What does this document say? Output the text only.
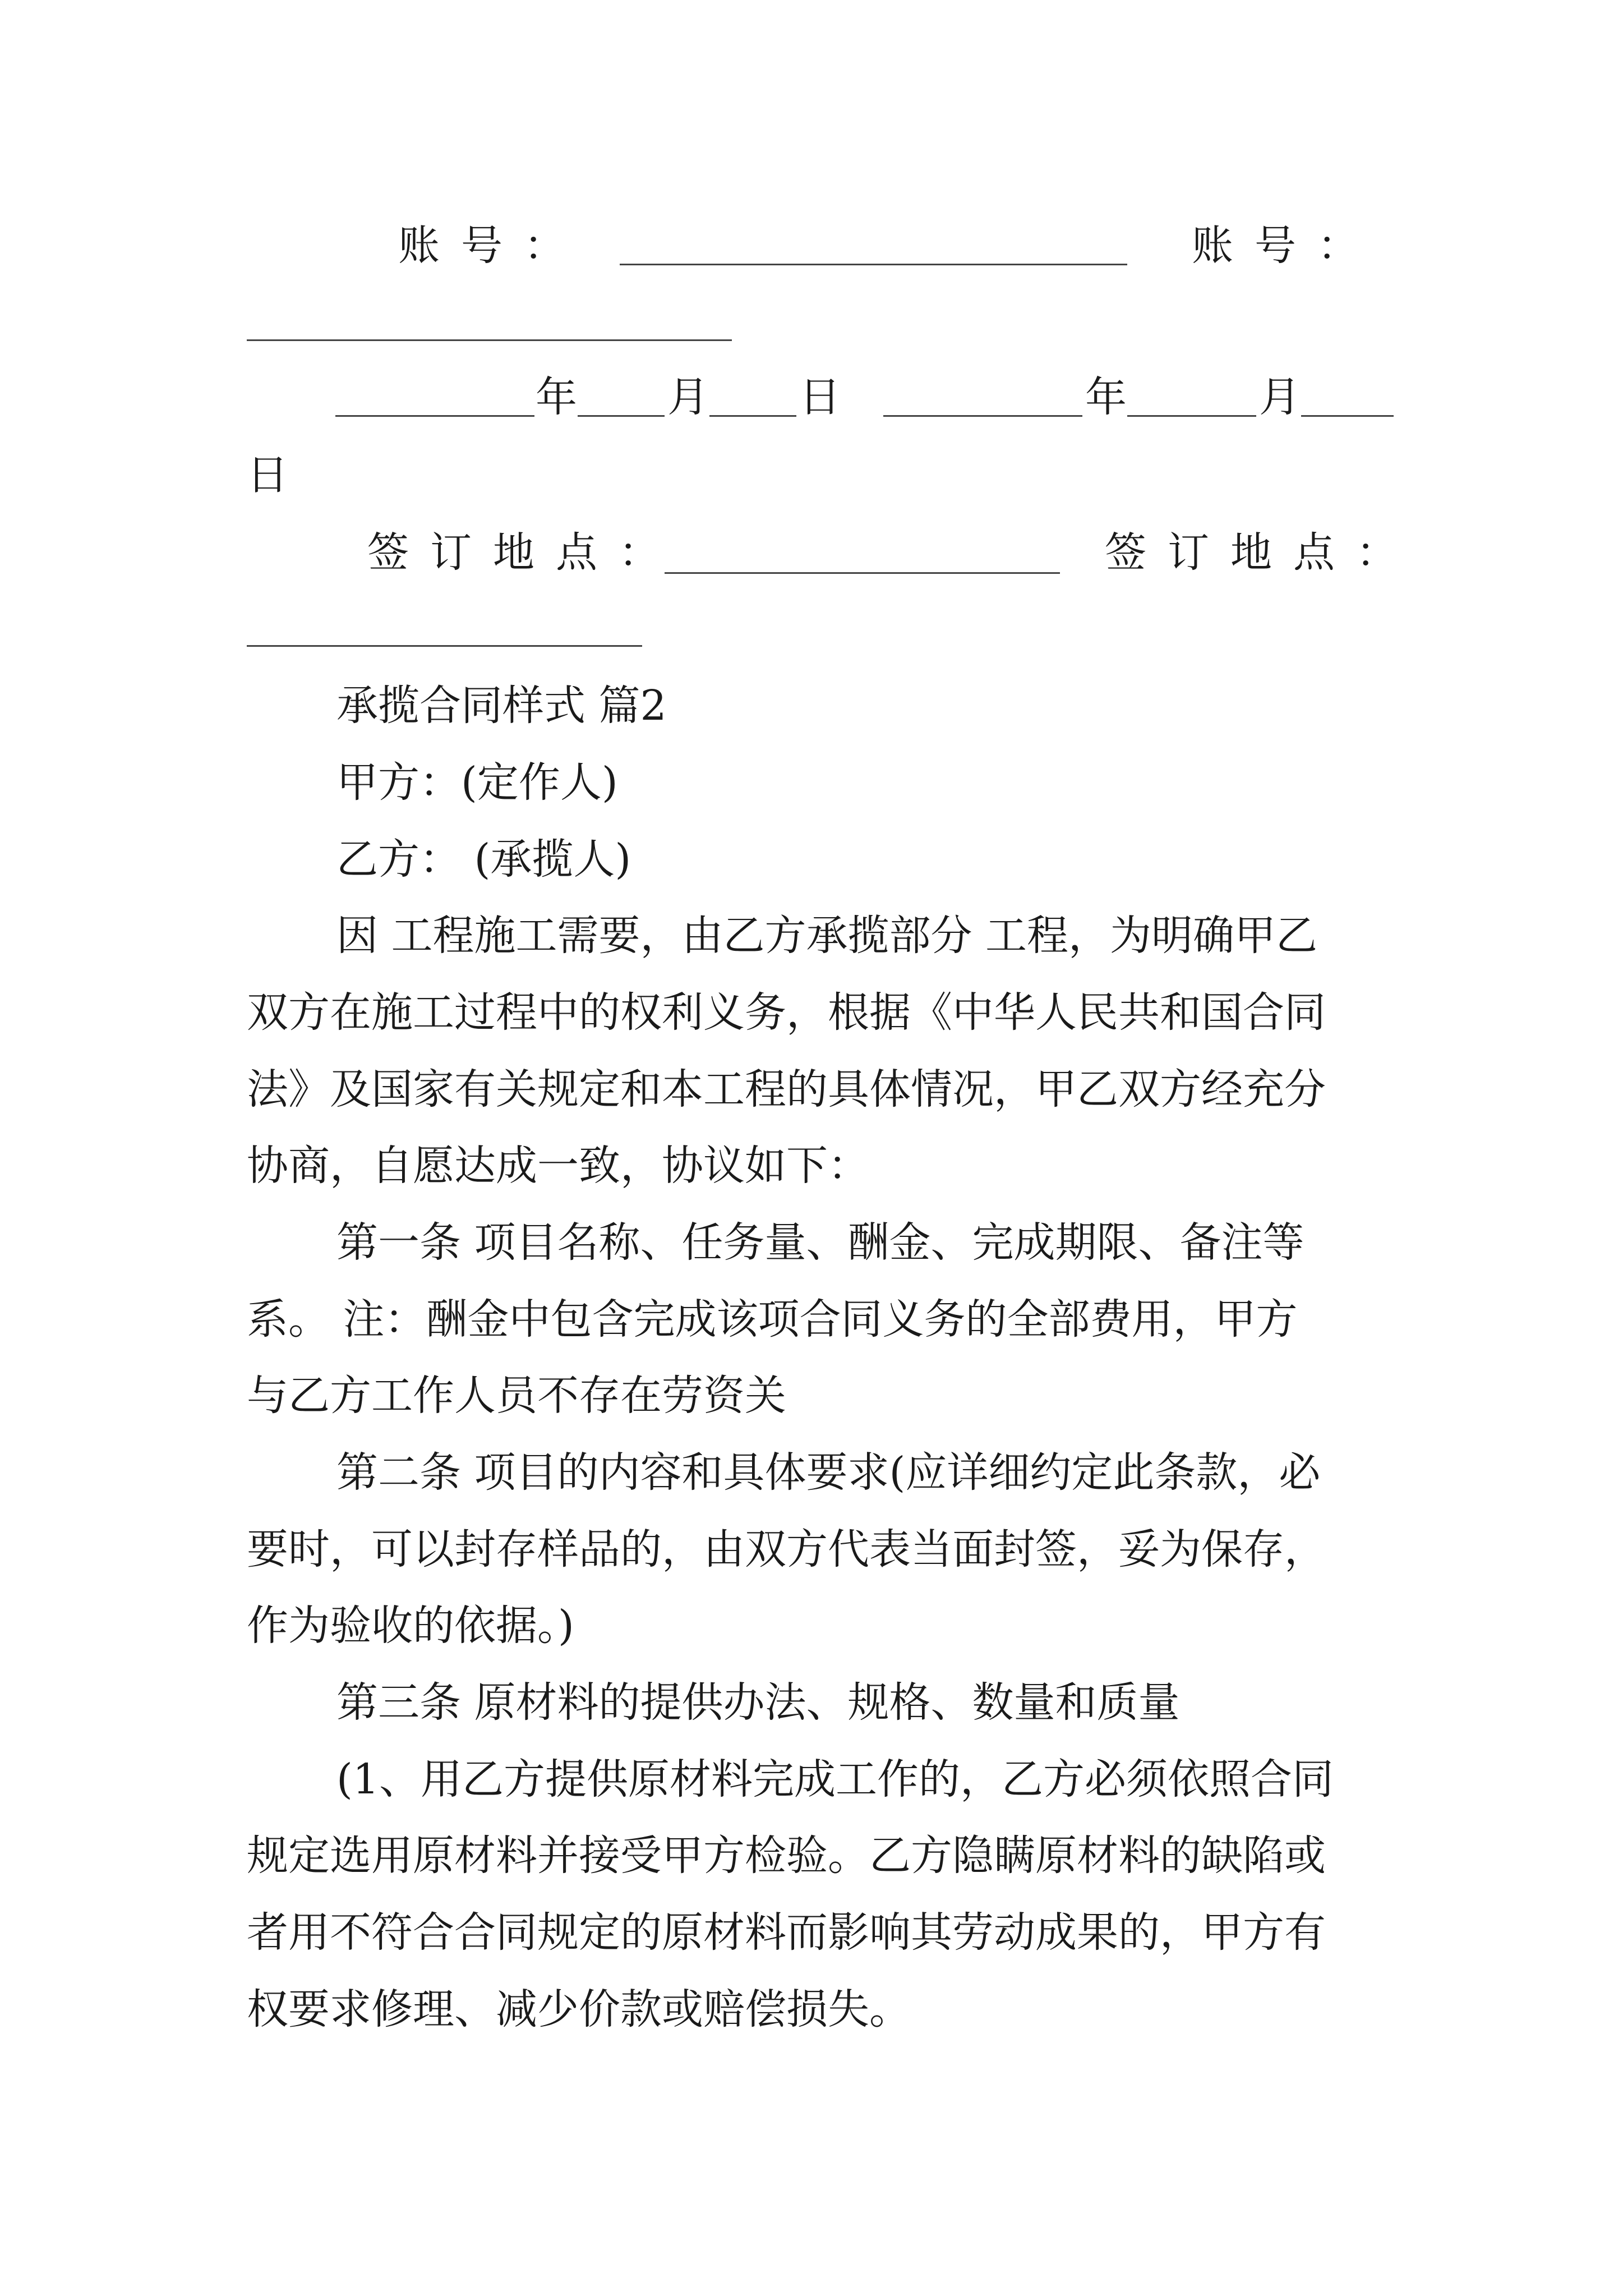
账号：	账号：
年 月 日	年	月
日
签订地点：	签订地点：
承揽合同样式 篇2
甲方：(定作人)
乙方： (承揽人)
因 工程施工需要，由乙方承揽部分 工程，为明确甲乙
双方在施工过程中的权利义务，根据《中华人民共和国合同
法》及国家有关规定和本工程的具体情况，甲乙双方经充分
协商，自愿达成一致，协议如下：
第一条 项目名称、任务量、酬金、完成期限、备注等
系。 注：酬金中包含完成该项合同义务的全部费用，甲方
与乙方工作人员不存在劳资关
第二条 项目的内容和具体要求(应详细约定此条款，必
要时，可以封存样品的，由双方代表当面封签，妥为保存，
作为验收的依据。)
第三条 原材料的提供办法、规格、数量和质量
(1、用乙方提供原材料完成工作的，乙方必须依照合同
规定选用原材料并接受甲方检验。乙方隐瞒原材料的缺陷或
者用不符合合同规定的原材料而影响其劳动成果的，甲方有
权要求修理、减少价款或赔偿损失。
